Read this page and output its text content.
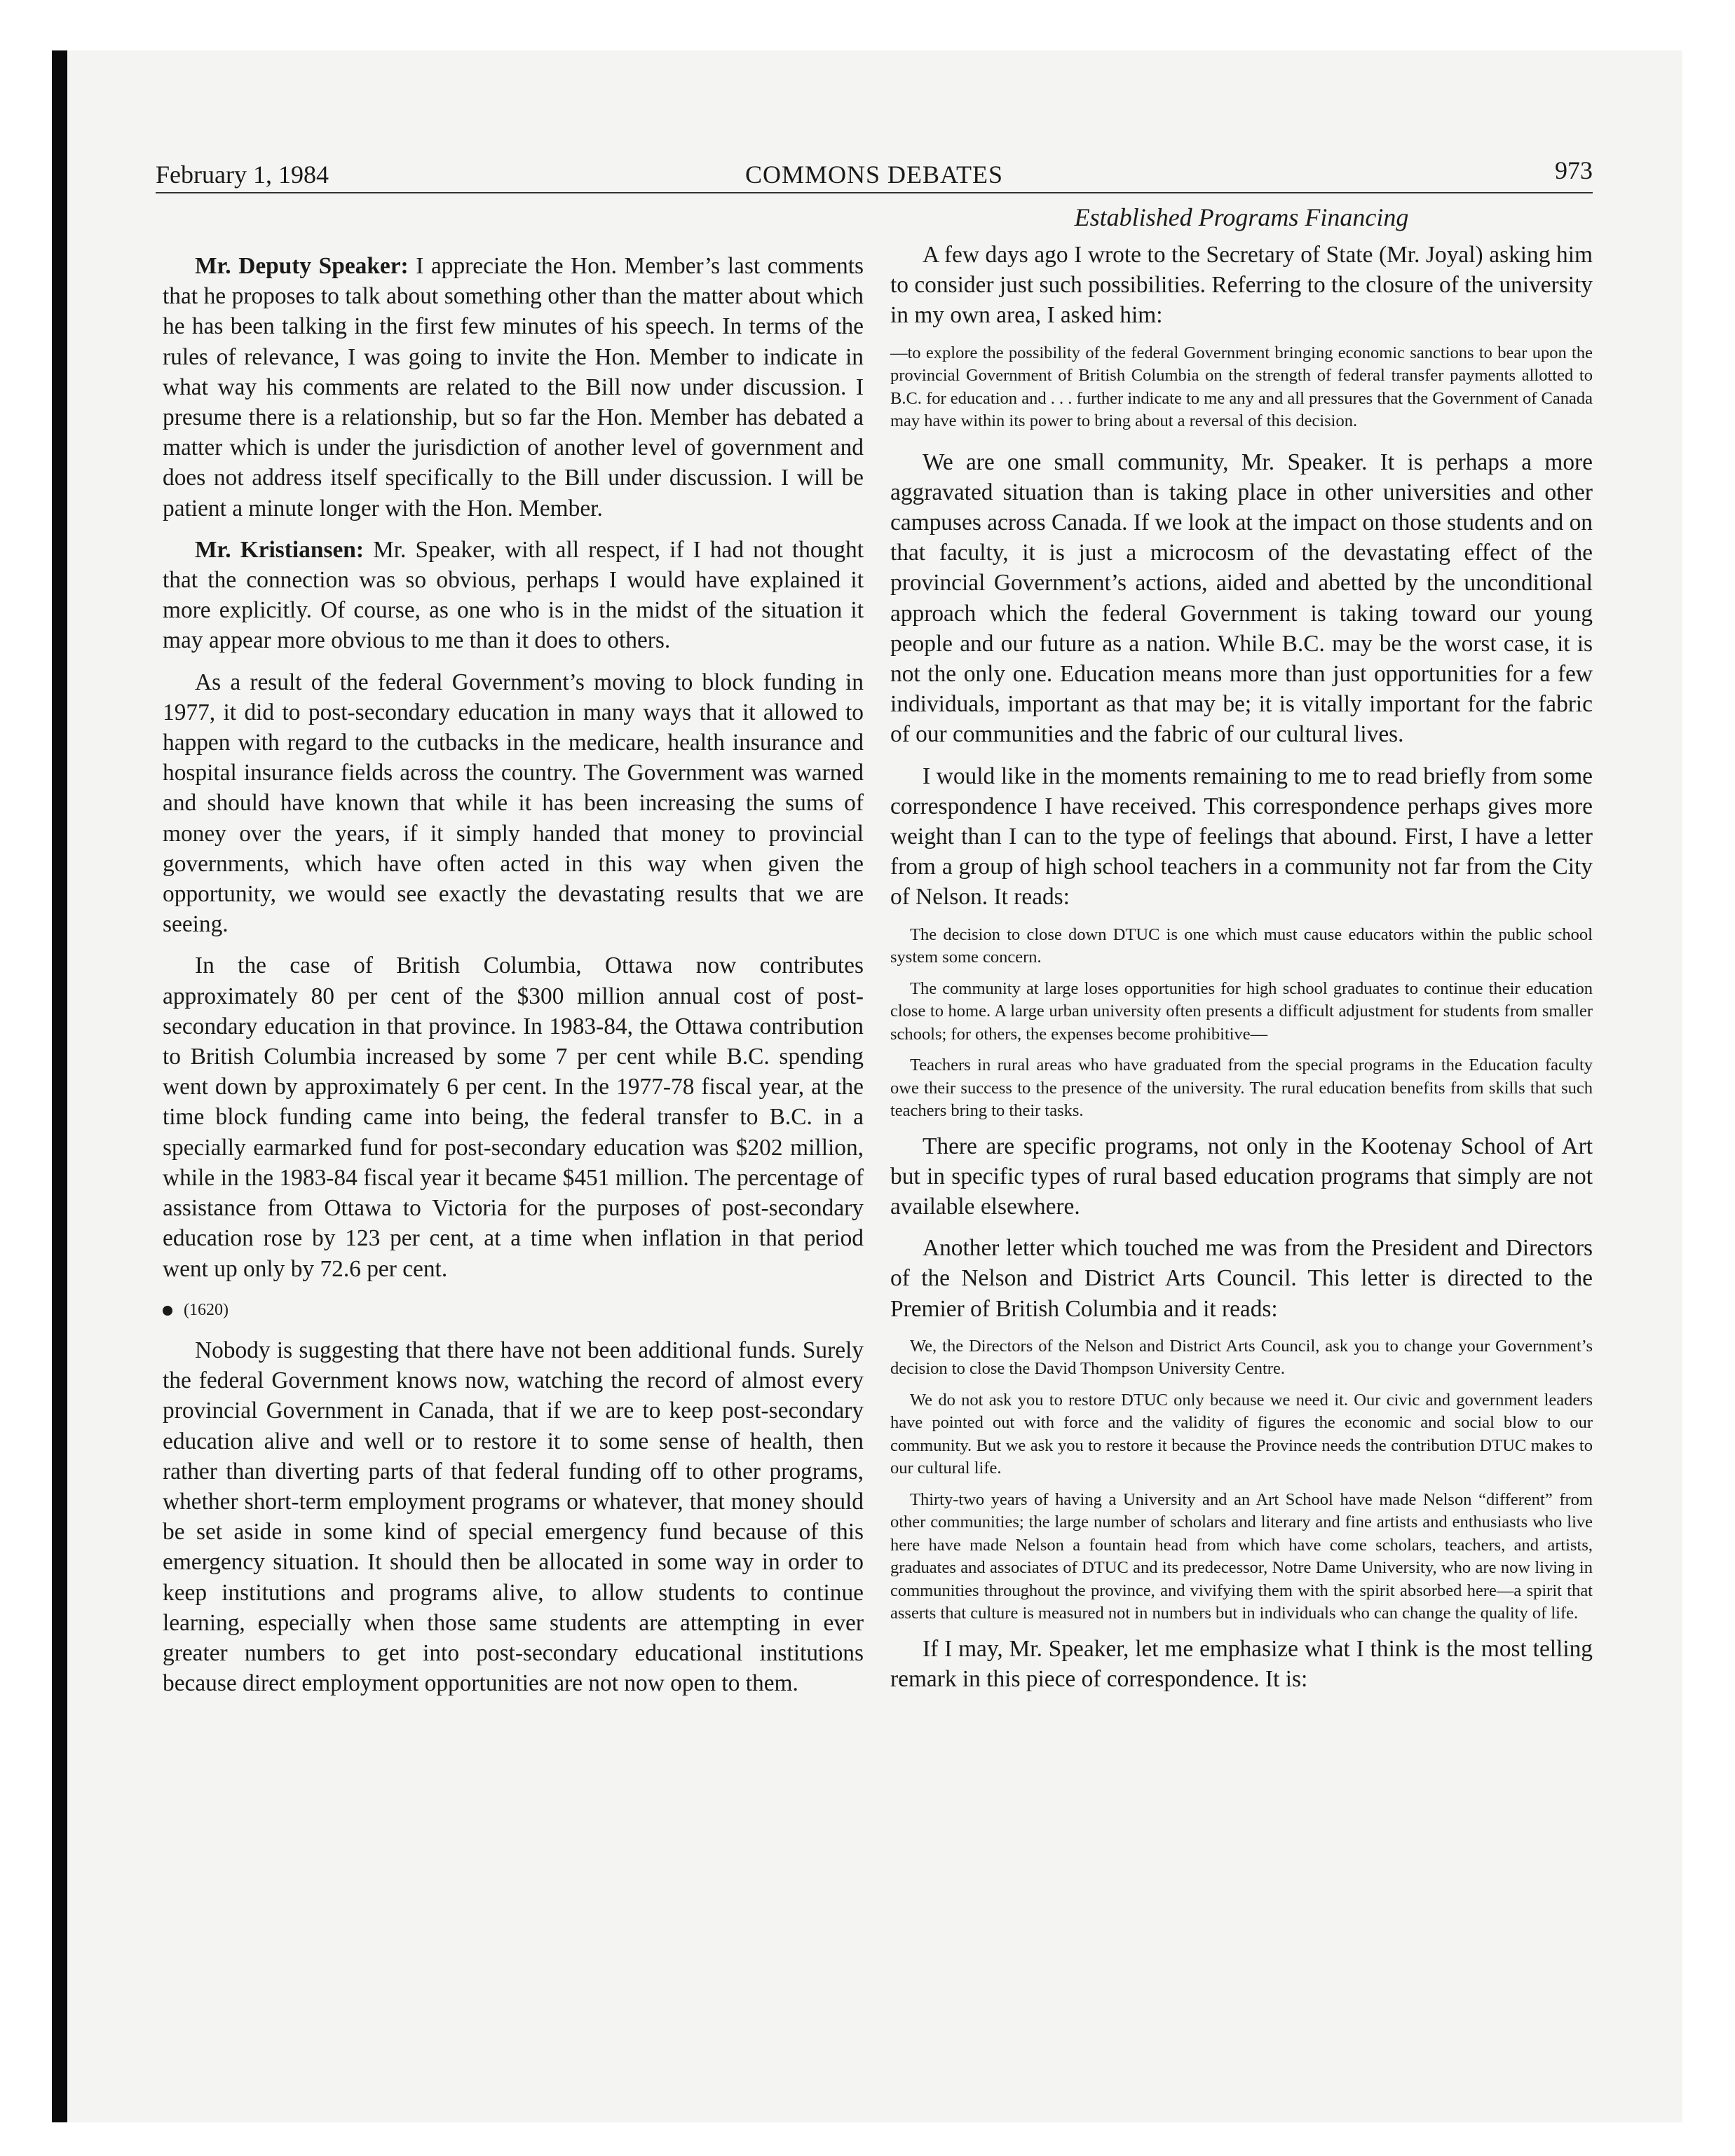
February 1, 1984	COMMONS DEBATES	973

Mr. Deputy Speaker: I appreciate the Hon. Member’s last comments that he proposes to talk about something other than the matter about which he has been talking in the first few minutes of his speech. In terms of the rules of relevance, I was going to invite the Hon. Member to indicate in what way his comments are related to the Bill now under discussion. I presume there is a relationship, but so far the Hon. Member has debated a matter which is under the jurisdiction of another level of government and does not address itself specifically to the Bill under discussion. I will be patient a minute longer with the Hon. Member.

Mr. Kristiansen: Mr. Speaker, with all respect, if I had not thought that the connection was so obvious, perhaps I would have explained it more explicitly. Of course, as one who is in the midst of the situation it may appear more obvious to me than it does to others.

As a result of the federal Government’s moving to block funding in 1977, it did to post-secondary education in many ways that it allowed to happen with regard to the cutbacks in the medicare, health insurance and hospital insurance fields across the country. The Government was warned and should have known that while it has been increasing the sums of money over the years, if it simply handed that money to provincial governments, which have often acted in this way when given the opportunity, we would see exactly the devastating results that we are seeing.

In the case of British Columbia, Ottawa now contributes approximately 80 per cent of the $300 million annual cost of post-secondary education in that province. In 1983-84, the Ottawa contribution to British Columbia increased by some 7 per cent while B.C. spending went down by approximately 6 per cent. In the 1977-78 fiscal year, at the time block funding came into being, the federal transfer to B.C. in a specially earmarked fund for post-secondary education was $202 million, while in the 1983-84 fiscal year it became $451 million. The percentage of assistance from Ottawa to Victoria for the purposes of post-secondary education rose by 123 per cent, at a time when inflation in that period went up only by 72.6 per cent.

(1620)

Nobody is suggesting that there have not been additional funds. Surely the federal Government knows now, watching the record of almost every provincial Government in Canada, that if we are to keep post-secondary education alive and well or to restore it to some sense of health, then rather than diverting parts of that federal funding off to other programs, whether short-term employment programs or whatever, that money should be set aside in some kind of special emergency fund because of this emergency situation. It should then be allocated in some way in order to keep institutions and programs alive, to allow students to continue learning, especially when those same students are attempting in ever greater numbers to get into post-secondary educational institutions because direct employment opportunities are not now open to them.

Established Programs Financing

A few days ago I wrote to the Secretary of State (Mr. Joyal) asking him to consider just such possibilities. Referring to the closure of the university in my own area, I asked him:

—to explore the possibility of the federal Government bringing economic sanctions to bear upon the provincial Government of British Columbia on the strength of federal transfer payments allotted to B.C. for education and . . . further indicate to me any and all pressures that the Government of Canada may have within its power to bring about a reversal of this decision.

We are one small community, Mr. Speaker. It is perhaps a more aggravated situation than is taking place in other universities and other campuses across Canada. If we look at the impact on those students and on that faculty, it is just a microcosm of the devastating effect of the provincial Government’s actions, aided and abetted by the unconditional approach which the federal Government is taking toward our young people and our future as a nation. While B.C. may be the worst case, it is not the only one. Education means more than just opportunities for a few individuals, important as that may be; it is vitally important for the fabric of our communities and the fabric of our cultural lives.

I would like in the moments remaining to me to read briefly from some correspondence I have received. This correspondence perhaps gives more weight than I can to the type of feelings that abound. First, I have a letter from a group of high school teachers in a community not far from the City of Nelson. It reads:

The decision to close down DTUC is one which must cause educators within the public school system some concern.

The community at large loses opportunities for high school graduates to continue their education close to home. A large urban university often presents a difficult adjustment for students from smaller schools; for others, the expenses become prohibitive—

Teachers in rural areas who have graduated from the special programs in the Education faculty owe their success to the presence of the university. The rural education benefits from skills that such teachers bring to their tasks.

There are specific programs, not only in the Kootenay School of Art but in specific types of rural based education programs that simply are not available elsewhere.

Another letter which touched me was from the President and Directors of the Nelson and District Arts Council. This letter is directed to the Premier of British Columbia and it reads:

We, the Directors of the Nelson and District Arts Council, ask you to change your Government’s decision to close the David Thompson University Centre.

We do not ask you to restore DTUC only because we need it. Our civic and government leaders have pointed out with force and the validity of figures the economic and social blow to our community. But we ask you to restore it because the Province needs the contribution DTUC makes to our cultural life.

Thirty-two years of having a University and an Art School have made Nelson “different” from other communities; the large number of scholars and literary and fine artists and enthusiasts who live here have made Nelson a fountain head from which have come scholars, teachers, and artists, graduates and associates of DTUC and its predecessor, Notre Dame University, who are now living in communities throughout the province, and vivifying them with the spirit absorbed here—a spirit that asserts that culture is measured not in numbers but in individuals who can change the quality of life.

If I may, Mr. Speaker, let me emphasize what I think is the most telling remark in this piece of correspondence. It is:
